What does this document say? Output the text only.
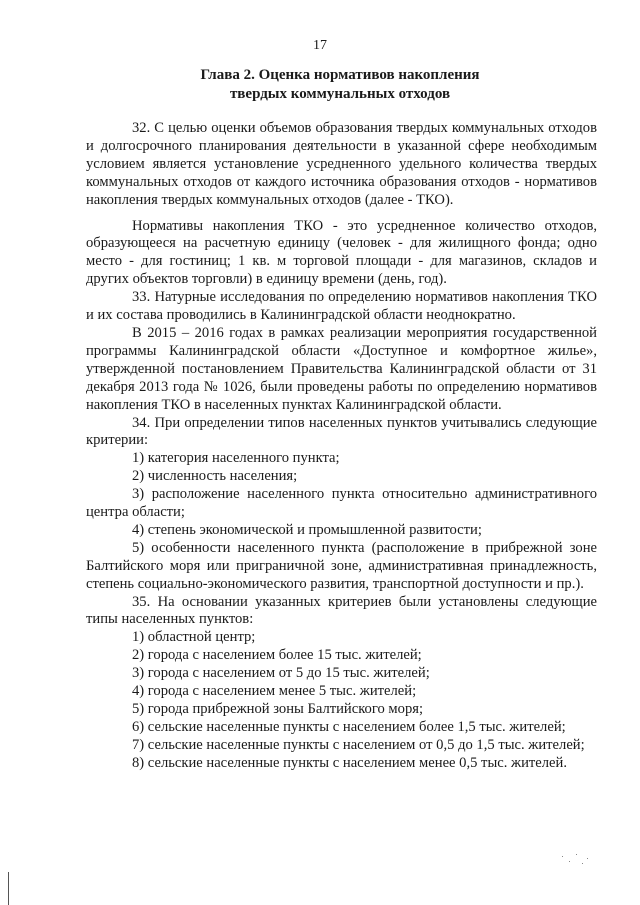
17
Глава 2. Оценка нормативов накопления
твердых коммунальных отходов

32. С целью оценки объемов образования твердых коммунальных отходов и долгосрочного планирования деятельности в указанной сфере необходимым условием является установление усредненного удельного количества твердых коммунальных отходов от каждого источника образования отходов - нормативов накопления твердых коммунальных отходов (далее - ТКО).

Нормативы накопления ТКО - это усредненное количество отходов, образующееся на расчетную единицу (человек - для жилищного фонда; одно место - для гостиниц; 1 кв. м торговой площади - для магазинов, складов и других объектов торговли) в единицу времени (день, год).

33. Натурные исследования по определению нормативов накопления ТКО и их состава проводились в Калининградской области неоднократно.

В 2015 – 2016 годах в рамках реализации мероприятия государственной программы Калининградской области «Доступное и комфортное жилье», утвержденной постановлением Правительства Калининградской области от 31 декабря 2013 года № 1026, были проведены работы по определению нормативов накопления ТКО в населенных пунктах Калининградской области.

34. При определении типов населенных пунктов учитывались следующие критерии:

1) категория населенного пункта;

2) численность населения;

3) расположение населенного пункта относительно административного центра области;

4) степень экономической и промышленной развитости;

5) особенности населенного пункта (расположение в прибрежной зоне Балтийского моря или приграничной зоне, административная принадлежность, степень социально-экономического развития, транспортной доступности и пр.).

35. На основании указанных критериев были установлены следующие типы населенных пунктов:

1) областной центр;

2) города с населением более 15 тыс. жителей;

3) города с населением от 5 до 15 тыс. жителей;

4) города с населением менее 5 тыс. жителей;

5) города прибрежной зоны Балтийского моря;

6) сельские населенные пункты с населением более 1,5 тыс. жителей;

7) сельские населенные пункты с населением от 0,5 до 1,5 тыс. жителей;

8) сельские населенные пункты с населением менее 0,5 тыс. жителей.
